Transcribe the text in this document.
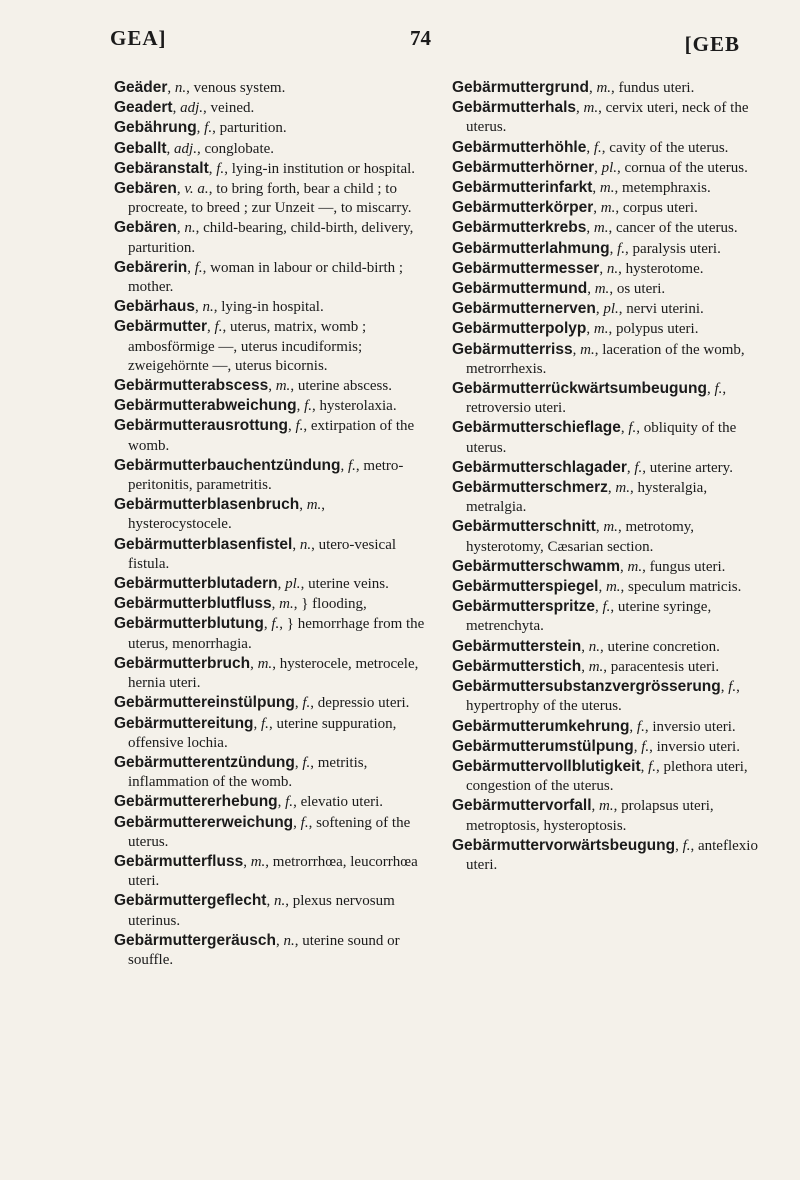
GEA]	74	[GEB
Geäder, n., venous system.
Geadert, adj., veined.
Gebährung, f., parturition.
Geballt, adj., conglobate.
Gebäranstalt, f., lying-in institution or hospital.
Gebären, v. a., to bring forth, bear a child ; to procreate, to breed ; zur Unzeit —, to miscarry.
Gebären, n., child-bearing, child-birth, delivery, parturition.
Gebärerin, f., woman in labour or child-birth ; mother.
Gebärhaus, n., lying-in hospital.
Gebärmutter, f., uterus, matrix, womb ; ambosförmige —, uterus incudiformis; zweigehörnte —, uterus bicornis.
Gebärmutterabscess, m., uterine abscess.
Gebärmutterabweichung, f., hysterolaxia.
Gebärmutterausrottung, f., extirpation of the womb.
Gebärmutterbauchentzündung, f., metro-peritonitis, parametritis.
Gebärmutterblasenbruch, m., hysterocystocele.
Gebärmutterblasenfistel, n., utero-vesical fistula.
Gebärmutterblutadern, pl., uterine veins.
Gebärmutterblutfluss, m., } flooding,
Gebärmutterblutung, f., } hemorrhage from the uterus, menorrhagia.
Gebärmutterbruch, m., hysterocele, metrocele, hernia uteri.
Gebärmuttereinstülpung, f., depressio uteri.
Gebärmuttereitung, f., uterine suppuration, offensive lochia.
Gebärmutterentzündung, f., metritis, inflammation of the womb.
Gebärmuttererhebung, f., elevatio uteri.
Gebärmuttererweichung, f., softening of the uterus.
Gebärmutterfluss, m., metrorrhœa, leucorrhœa uteri.
Gebärmuttergeflecht, n., plexus nervosum uterinus.
Gebärmuttergeräusch, n., uterine sound or souffle.
Gebärmuttergrund, m., fundus uteri.
Gebärmutterhals, m., cervix uteri, neck of the uterus.
Gebärmutterhöhle, f., cavity of the uterus.
Gebärmutterhörner, pl., cornua of the uterus.
Gebärmutterinfarkt, m., metemphraxis.
Gebärmutterkörper, m., corpus uteri.
Gebärmutterkrebs, m., cancer of the uterus.
Gebärmutterlahmung, f., paralysis uteri.
Gebärmuttermesser, n., hysterotome.
Gebärmuttermund, m., os uteri.
Gebärmutternerven, pl., nervi uterini.
Gebärmutterpolyp, m., polypus uteri.
Gebärmutterriss, m., laceration of the womb, metrorrhexis.
Gebärmutterrückwärtsumbeugung, f., retroversio uteri.
Gebärmutterschieflage, f., obliquity of the uterus.
Gebärmutterschlagader, f., uterine artery.
Gebärmutterschmerz, m., hysteralgia, metralgia.
Gebärmutterschnitt, m., metrotomy, hysterotomy, Cæsarian section.
Gebärmutterschwamm, m., fungus uteri.
Gebärmutterspiegel, m., speculum matricis.
Gebärmutterspritze, f., uterine syringe, metrenchyta.
Gebärmutterstein, n., uterine concretion.
Gebärmutterstich, m., paracentesis uteri.
Gebärmuttersubstanzvergrösserung, f., hypertrophy of the uterus.
Gebärmutterumkehrung, f., inversio uteri.
Gebärmutterumstülpung, f., inversio uteri.
Gebärmuttervollblutigkeit, f., plethora uteri, congestion of the uterus.
Gebärmuttervorfall, m., prolapsus uteri, metroptosis, hysteroptosis.
Gebärmuttervorwärtsbeugung, f., anteflexio uteri.
